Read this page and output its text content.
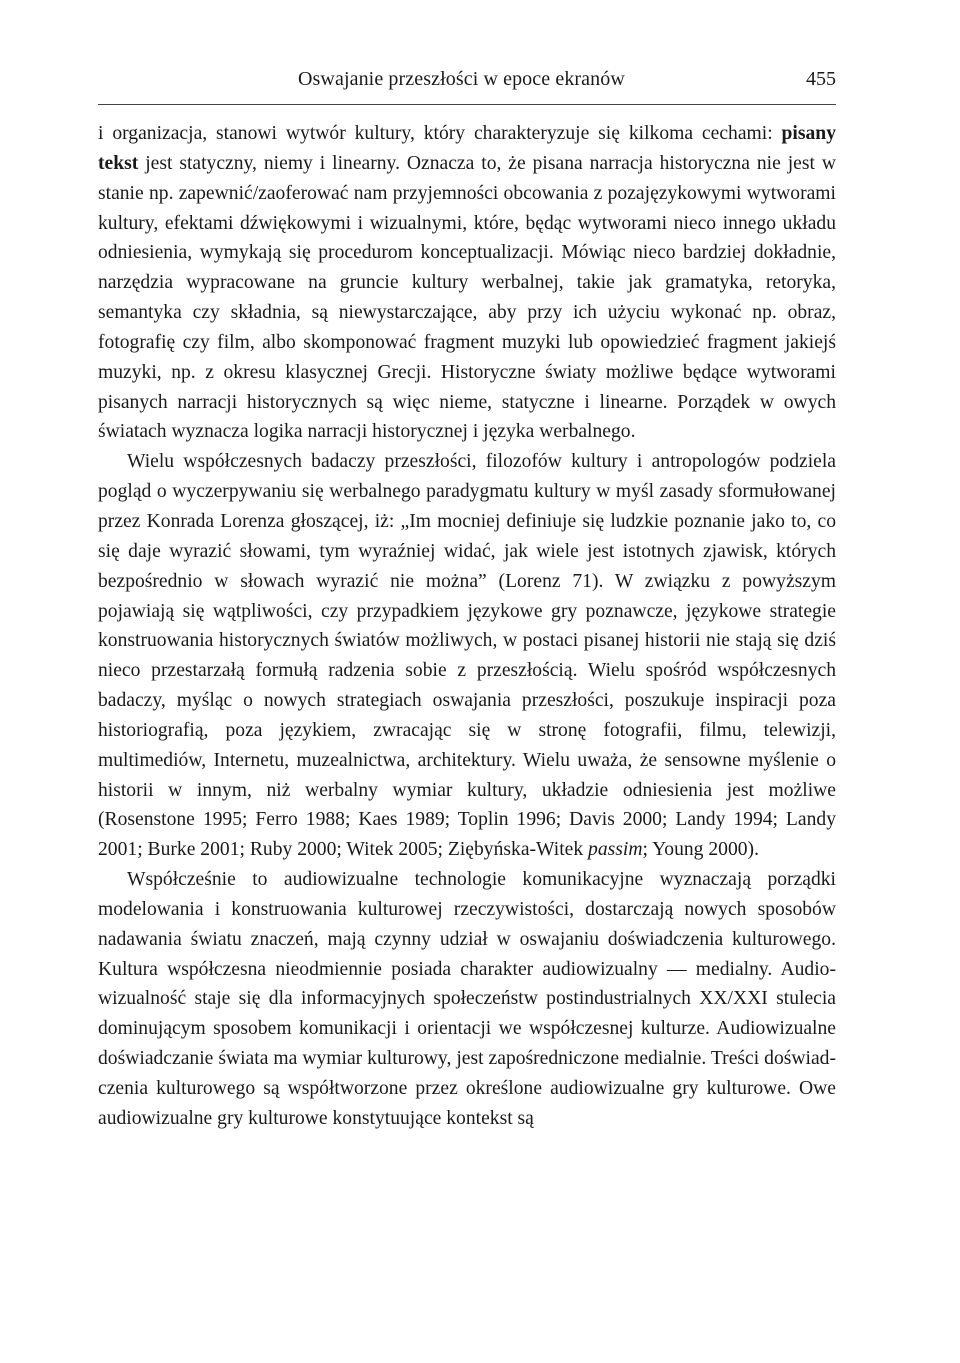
Oswajanie przeszłości w epoce ekranów	455

i organizacja, stanowi wytwór kultury, który charakteryzuje się kilkoma cechami: pisany tekst jest statyczny, niemy i linearny. Oznacza to, że pisana narracja historyczna nie jest w stanie np. zapewnić/zaoferować nam przyjemności obcowania z pozajęzykowymi wytworami kultury, efektami dźwiękowymi i wizualnymi, które, będąc wytworami nieco innego układu odniesienia, wymykają się procedurom konceptualizacji. Mówiąc nieco bardziej dokładnie, narzędzia wypracowane na gruncie kultury werbalnej, takie jak gramatyka, retoryka, semantyka czy składnia, są niewystarczające, aby przy ich użyciu wykonać np. obraz, fotografię czy film, albo skomponować fragment muzyki lub opowiedzieć fragment jakiejś muzyki, np. z okresu klasycznej Grecji. Historyczne światy możliwe będące wytworami pisanych narracji historycznych są więc nieme, statyczne i linearne. Porządek w owych światach wyznacza logika narracji historycznej i języka werbalnego.

Wielu współczesnych badaczy przeszłości, filozofów kultury i antropologów podziela pogląd o wyczerpywaniu się werbalnego paradygmatu kultury w myśl zasady sformułowanej przez Konrada Lorenza głoszącej, iż: „Im mocniej definiuje się ludzkie poznanie jako to, co się daje wyrazić słowami, tym wyraźniej widać, jak wiele jest istotnych zjawisk, których bezpośrednio w słowach wyrazić nie można” (Lorenz 71). W związku z powyższym pojawiają się wątpliwości, czy przypadkiem językowe gry poznawcze, językowe strategie konstruowania historycznych światów możliwych, w postaci pisanej historii nie stają się dziś nieco przestarzałą formułą radzenia sobie z przeszłością. Wielu spośród współczesnych badaczy, myśląc o nowych strategiach oswajania przeszłości, poszukuje inspiracji poza historiografią, poza językiem, zwracając się w stronę fotografii, filmu, telewizji, multimediów, Internetu, muzealnictwa, architektury. Wielu uważa, że sensowne myślenie o historii w innym, niż werbalny wymiar kultury, układzie odniesienia jest możliwe (Rosenstone 1995; Ferro 1988; Kaes 1989; Toplin 1996; Davis 2000; Landy 1994; Landy 2001; Burke 2001; Ruby 2000; Witek 2005; Ziębyńska-Witek passim; Young 2000).

Współcześnie to audiowizualne technologie komunikacyjne wyznaczają porządki modelowania i konstruowania kulturowej rzeczywistości, dostarczają nowych sposobów nadawania światu znaczeń, mają czynny udział w oswajaniu doświadczenia kulturowego. Kultura współczesna nieodmiennie posiada charakter audiowizualny — medialny. Audio-wizualność staje się dla informacyjnych społeczeństw postindustrialnych XX/XXI stulecia dominującym sposobem komunikacji i orientacji we współczesnej kulturze. Audiowizualne doświadczanie świata ma wymiar kulturowy, jest zapośredniczone medialnie. Treści doświadczenia kulturowego są współtworzone przez określone audiowizualne gry kulturowe. Owe audiowizualne gry kulturowe konstytuujące kontekst są
